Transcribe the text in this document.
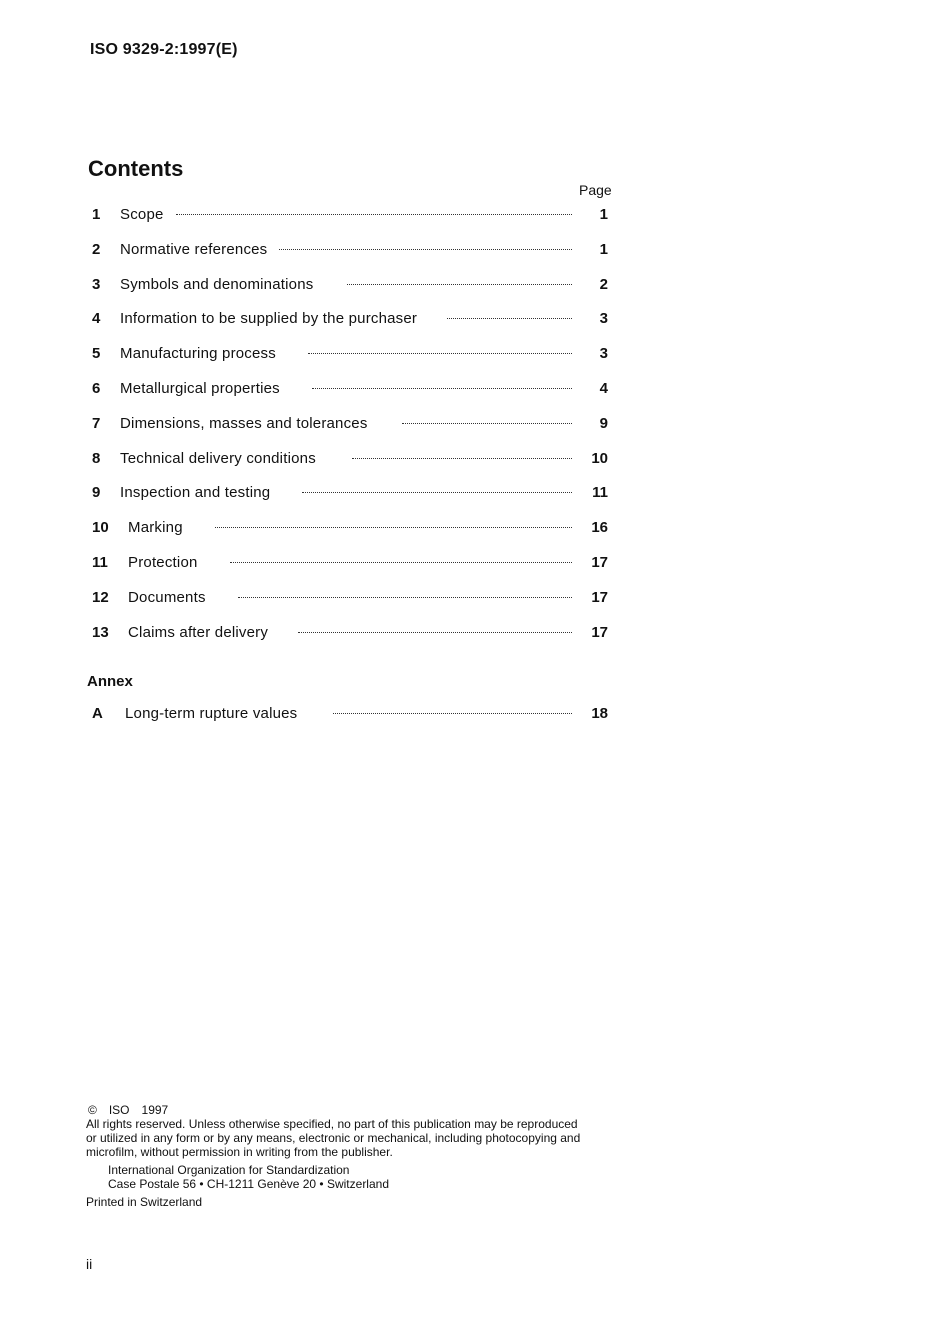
ISO 9329-2:1997(E)
Contents
Page
1	Scope	1
2	Normative references	1
3	Symbols and denominations	2
4	Information to be supplied by the purchaser	3
5	Manufacturing process	3
6	Metallurgical properties	4
7	Dimensions, masses and tolerances	9
8	Technical delivery conditions	10
9	Inspection and testing	11
10	Marking	16
11	Protection	17
12	Documents	17
13	Claims after delivery	17
Annex
A	Long-term rupture values	18
© ISO 1997
All rights reserved. Unless otherwise specified, no part of this publication may be reproduced
or utilized in any form or by any means, electronic or mechanical, including photocopying and
microfilm, without permission in writing from the publisher.
International Organization for Standardization
Case Postale 56 • CH-1211 Genève 20 • Switzerland
Printed in Switzerland
ii
